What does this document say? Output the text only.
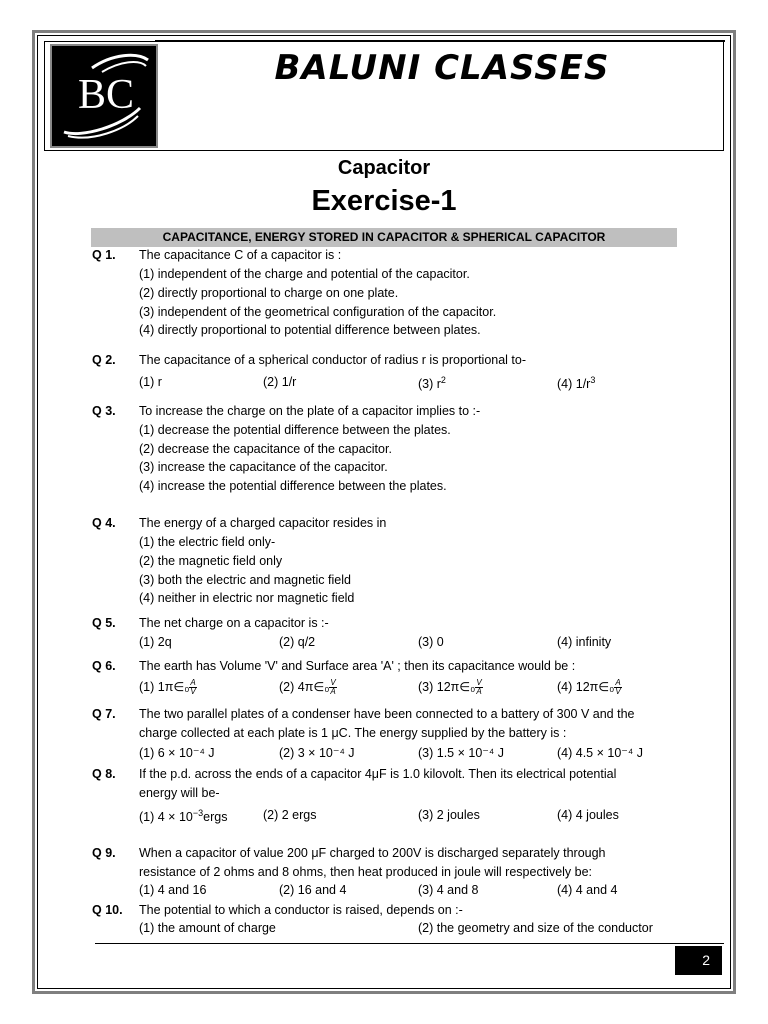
BC
BALUNI CLASSES
Capacitor
Exercise-1
CAPACITANCE, ENERGY STORED IN CAPACITOR & SPHERICAL CAPACITOR
Q 1. The capacitance C of a capacitor is :
(1) independent of the charge and potential of the capacitor.
(2) directly proportional to charge on one plate.
(3) independent of the geometrical configuration of the capacitor.
(4) directly proportional to potential difference between plates.
Q 2. The capacitance of a spherical conductor of radius r is proportional to-
(1) r	(2) 1/r	(3) $r^2$	(4) $1/r^3$
Q 3. To increase the charge on the plate of a capacitor implies to :-
(1) decrease the potential difference between the plates.
(2) decrease the capacitance of the capacitor.
(3) increase the capacitance of the capacitor.
(4) increase the potential difference between the plates.
Q 4. The energy of a charged capacitor resides in
(1) the electric field only-
(2) the magnetic field only
(3) both the electric and magnetic field
(4) neither in electric nor magnetic field
Q 5. The net charge on a capacitor is :-
(1) 2q	(2) q/2	(3) 0	(4) infinity
Q 6. The earth has Volume 'V' and Surface area 'A' ; then its capacitance would be :
(1) 1π∈₀ $\frac{A}{V}$	(2) 4π∈₀ $\frac{V}{A}$	(3) 12π∈₀ $\frac{V}{A}$	(4) 12π∈₀ $\frac{A}{V}$
Q 7. The two parallel plates of a condenser have been connected to a battery of 300 V and the
charge collected at each plate is 1 μC. The energy supplied by the battery is :
(1) 6 × 10⁻⁴ J	(2) 3 × 10⁻⁴ J	(3) 1.5 × 10⁻⁴ J	(4) 4.5 × 10⁻⁴ J
Q 8. If the p.d. across the ends of a capacitor 4μF is 1.0 kilovolt. Then its electrical potential
energy will be-
(1) $4 \times 10^{-3}ergs$	(2) 2 ergs	(3) 2 joules	(4) 4 joules
Q 9. When a capacitor of value 200 μF charged to 200V is discharged separately through
resistance of 2 ohms and 8 ohms, then heat produced in joule will respectively be:
(1) 4 and 16	(2) 16 and 4	(3) 4 and 8	(4) 4 and 4
Q 10. The potential to which a conductor is raised, depends on :-
(1) the amount of charge	(2) the geometry and size of the conductor
2
